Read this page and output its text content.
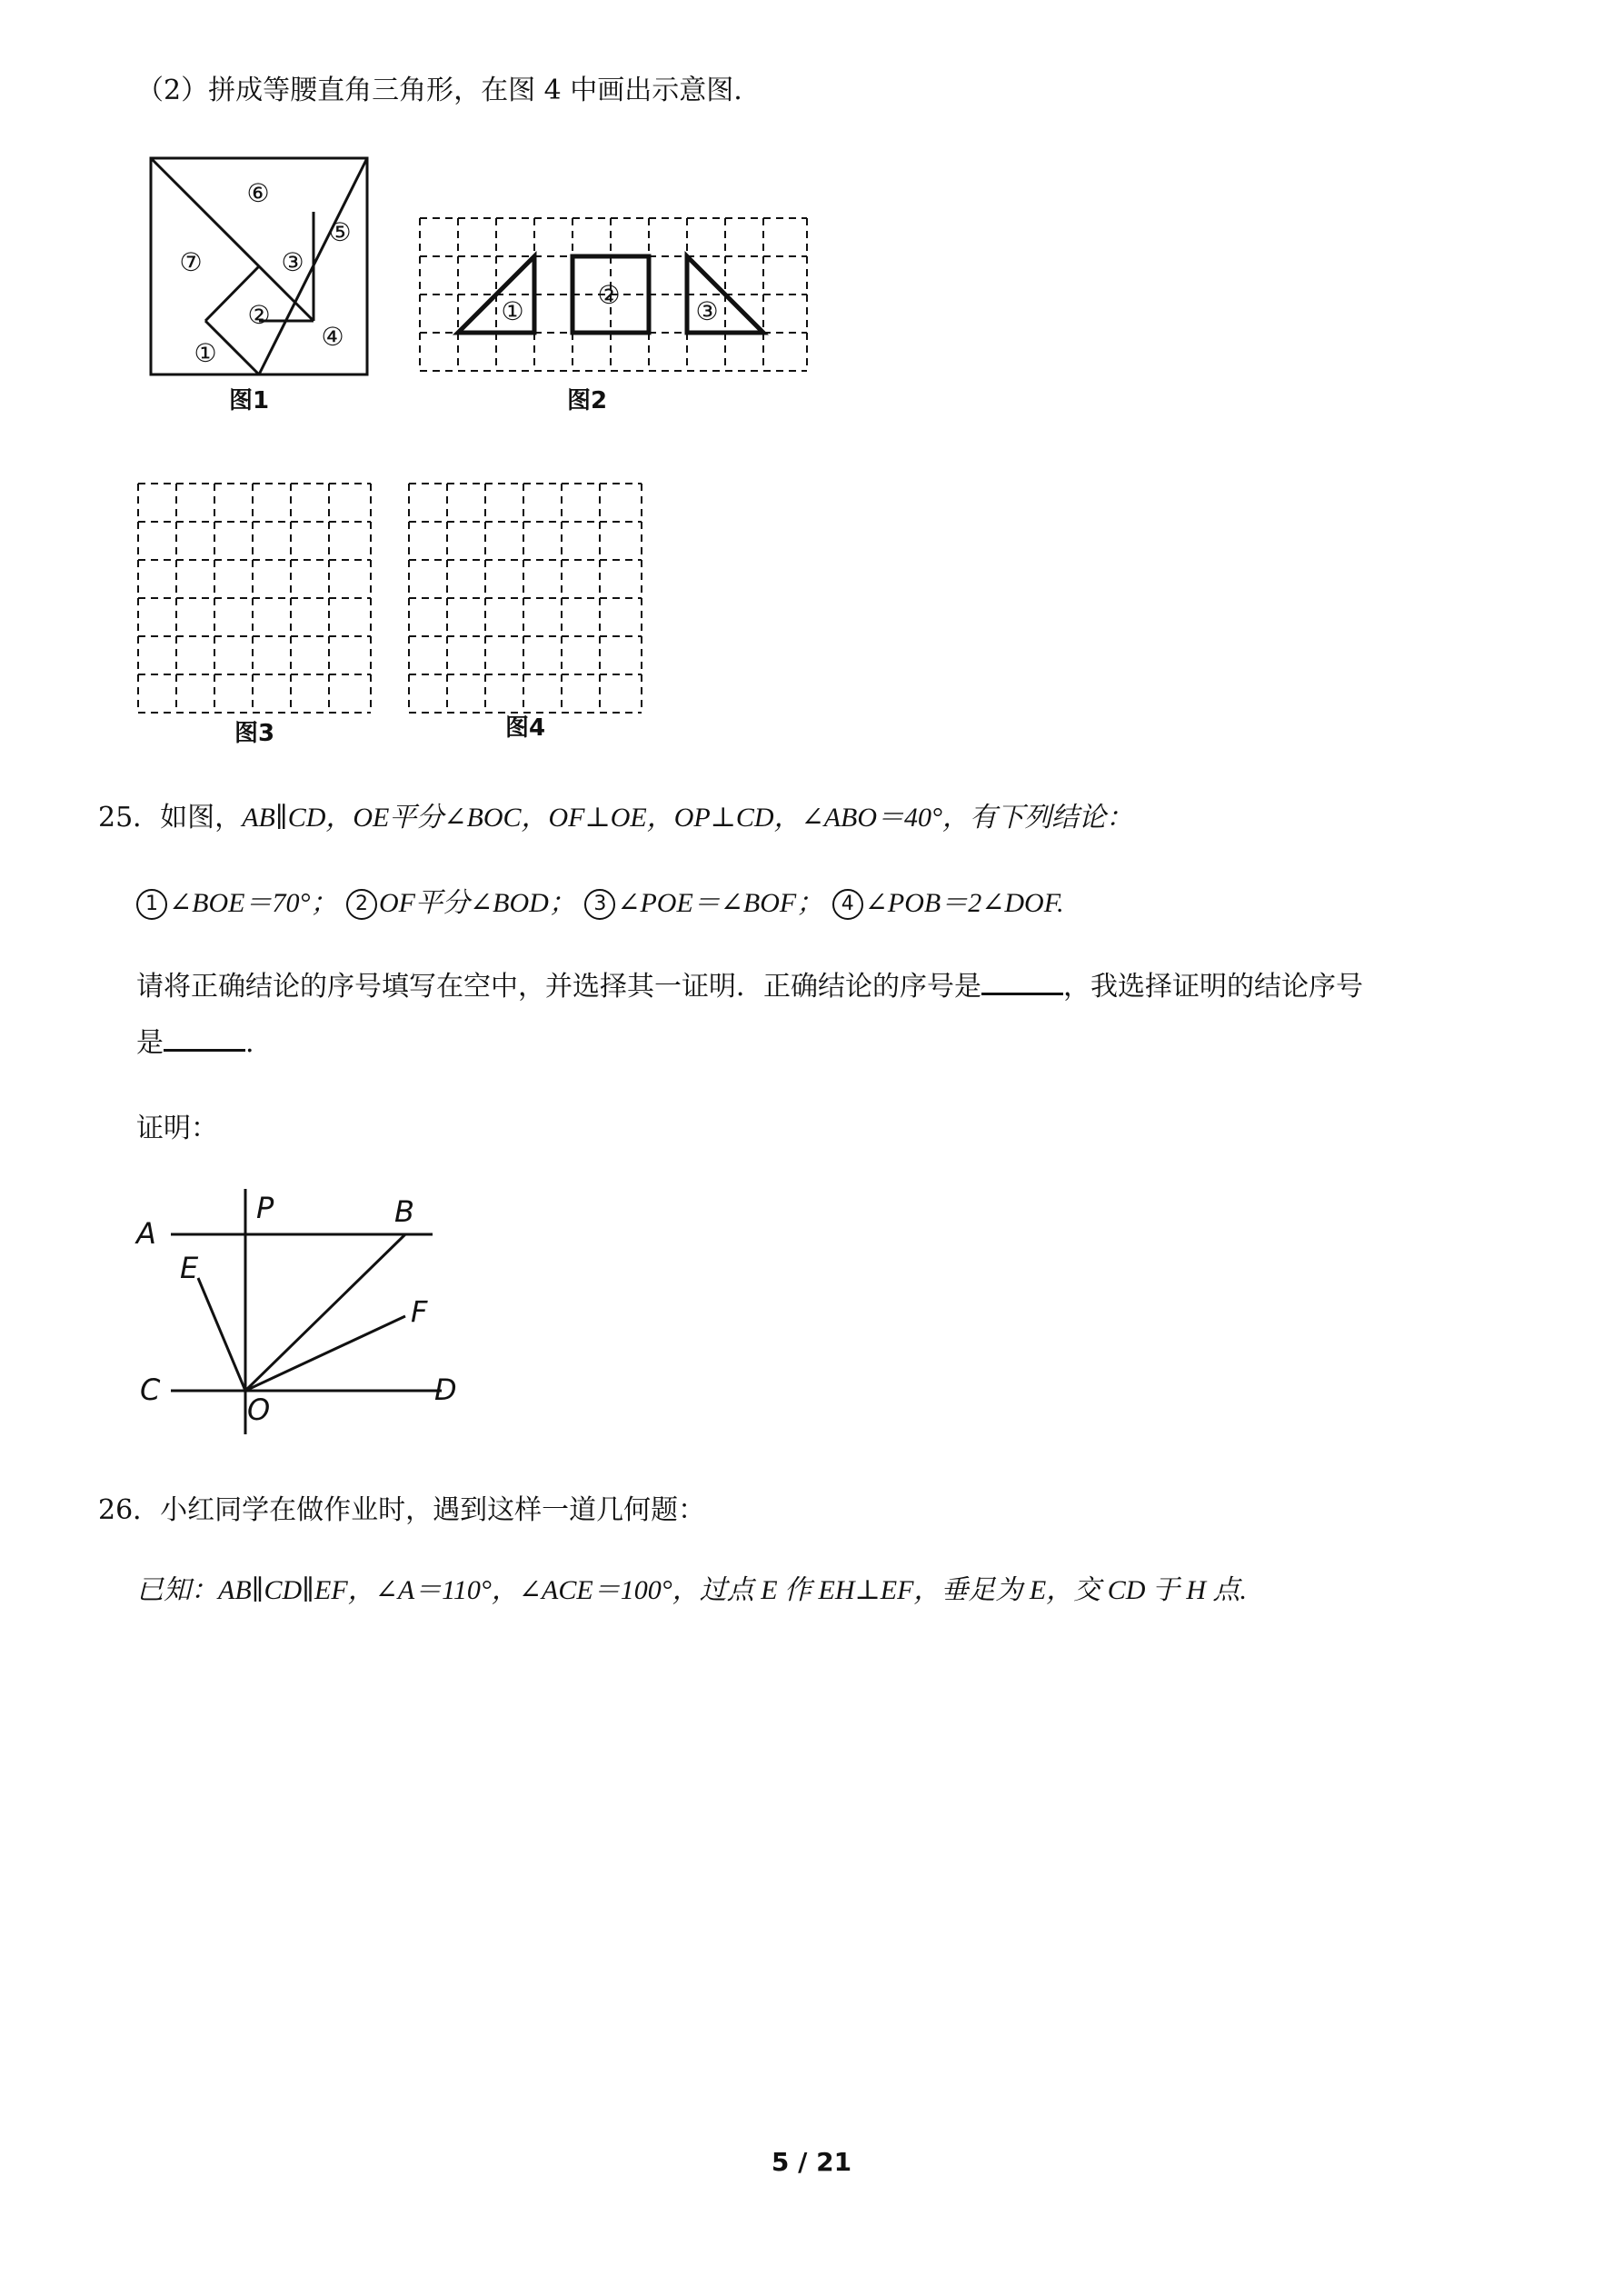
（2）拼成等腰直角三角形，在图 4 中画出示意图.
⑥
⑦	③
⑤
②
①
④
图1
①
②
③
图2
图3	图4
25．如图，AB∥CD，OE平分∠BOC，OF⊥OE，OP⊥CD，∠ABO＝40°，有下列结论：
1 ∠BOE＝70°； 2 OF平分∠BOD； 3 ∠POE＝∠BOF； 4 ∠POB＝2∠DOF.
请将正确结论的序号填写在空中，并选择其一证明．正确结论的序号是	，我选择证明的结论序号
是	.
证明：
A
P	B
E
F
C
O
D
26．小红同学在做作业时，遇到这样一道几何题：
已知：AB∥CD∥EF，∠A＝110°，∠ACE＝100°，过点 E 作 EH⊥EF，垂足为 E，交 CD 于 H 点.
5 / 21
